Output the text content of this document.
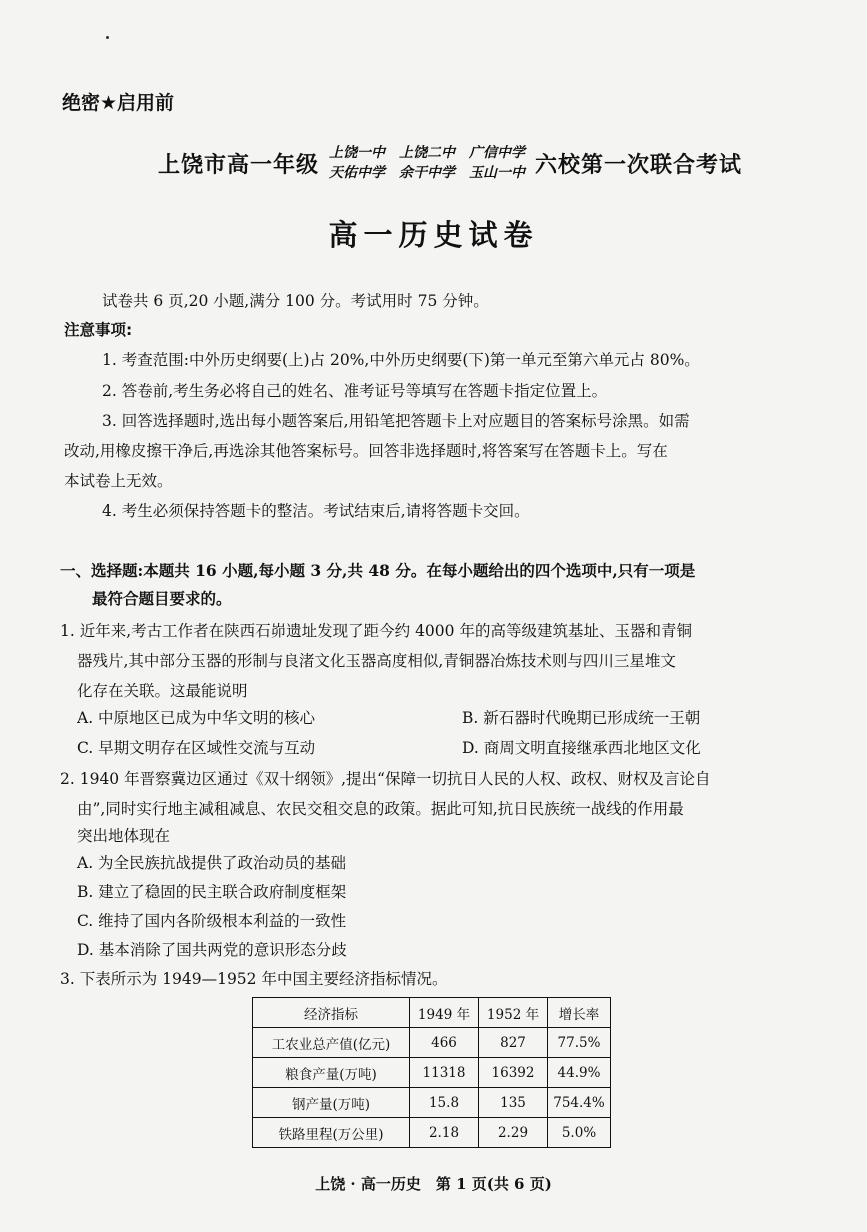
绝密★启用前
上饶市高一年级 上饶一中 上饶二中 广信中学
天佑中学 余干中学 玉山一中 六校第一次联合考试
高一历史试卷
试卷共 6 页,20 小题,满分 100 分。考试用时 75 分钟。
注意事项:
1. 考查范围:中外历史纲要(上)占 20%,中外历史纲要(下)第一单元至第六单元占 80%。
2. 答卷前,考生务必将自己的姓名、准考证号等填写在答题卡指定位置上。
3. 回答选择题时,选出每小题答案后,用铅笔把答题卡上对应题目的答案标号涂黑。如需
改动,用橡皮擦干净后,再选涂其他答案标号。回答非选择题时,将答案写在答题卡上。写在
本试卷上无效。
4. 考生必须保持答题卡的整洁。考试结束后,请将答题卡交回。
一、选择题:本题共 16 小题,每小题 3 分,共 48 分。在每小题给出的四个选项中,只有一项是
最符合题目要求的。
1. 近年来,考古工作者在陕西石峁遗址发现了距今约 4000 年的高等级建筑基址、玉器和青铜
器残片,其中部分玉器的形制与良渚文化玉器高度相似,青铜器冶炼技术则与四川三星堆文
化存在关联。这最能说明
A. 中原地区已成为中华文明的核心	B. 新石器时代晚期已形成统一王朝
C. 早期文明存在区域性交流与互动	D. 商周文明直接继承西北地区文化
2. 1940 年晋察冀边区通过《双十纲领》,提出“保障一切抗日人民的人权、政权、财权及言论自
由”,同时实行地主减租减息、农民交租交息的政策。据此可知,抗日民族统一战线的作用最
突出地体现在
A. 为全民族抗战提供了政治动员的基础
B. 建立了稳固的民主联合政府制度框架
C. 维持了国内各阶级根本利益的一致性
D. 基本消除了国共两党的意识形态分歧
3. 下表所示为 1949—1952 年中国主要经济指标情况。
经济指标	1949 年	1952 年	增长率
工农业总产值(亿元)	466	827	77.5%
粮食产量(万吨)	11318	16392	44.9%
钢产量(万吨)	15.8	135	754.4%
铁路里程(万公里)	2.18	2.29	5.0%
上饶 · 高一历史　第 1 页(共 6 页)
